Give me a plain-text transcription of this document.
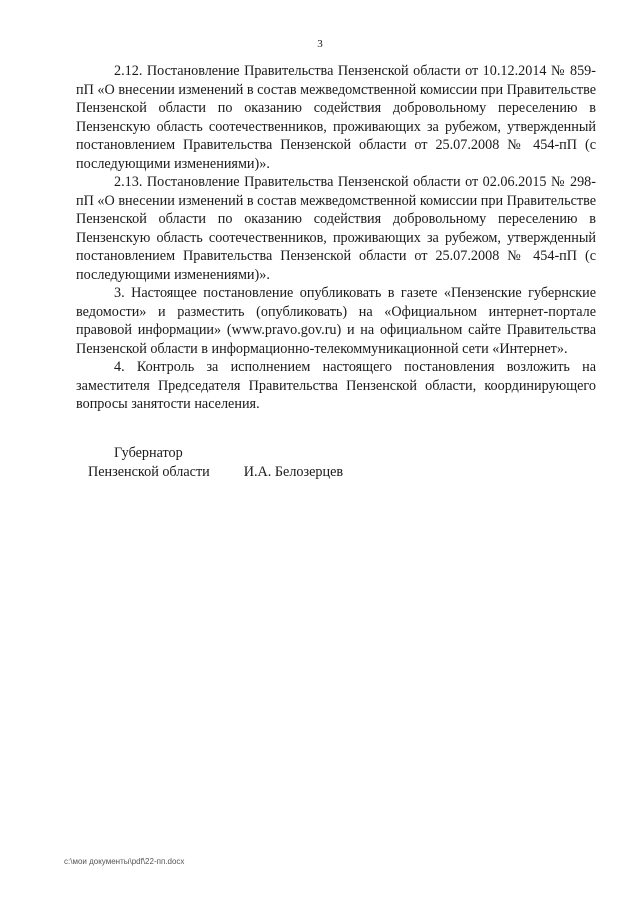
3

2.12. Постановление Правительства Пензенской области от 10.12.2014 № 859-пП «О внесении изменений в состав межведомственной комиссии при Правительстве Пензенской области по оказанию содействия добровольному переселению в Пензенскую область соотечественников, проживающих за рубежом, утвержденный постановлением Правительства Пензенской области от 25.07.2008 № 454-пП (с последующими изменениями)».

2.13. Постановление Правительства Пензенской области от 02.06.2015 № 298-пП «О внесении изменений в состав межведомственной комиссии при Правительстве Пензенской области по оказанию содействия добровольному переселению в Пензенскую область соотечественников, проживающих за рубежом, утвержденный постановлением Правительства Пензенской области от 25.07.2008 № 454-пП (с последующими изменениями)».

3. Настоящее постановление опубликовать в газете «Пензенские губернские ведомости» и разместить (опубликовать) на «Официальном интернет-портале правовой информации» (www.pravo.gov.ru) и на официальном сайте Правительства Пензенской области в информационно-телекоммуникационной сети «Интернет».

4. Контроль за исполнением настоящего постановления возложить на заместителя Председателя Правительства Пензенской области, координирующего вопросы занятости населения.

Губернатор
Пензенской области И.А. Белозерцев
c:\мои документы\pdf\22-пп.docx
